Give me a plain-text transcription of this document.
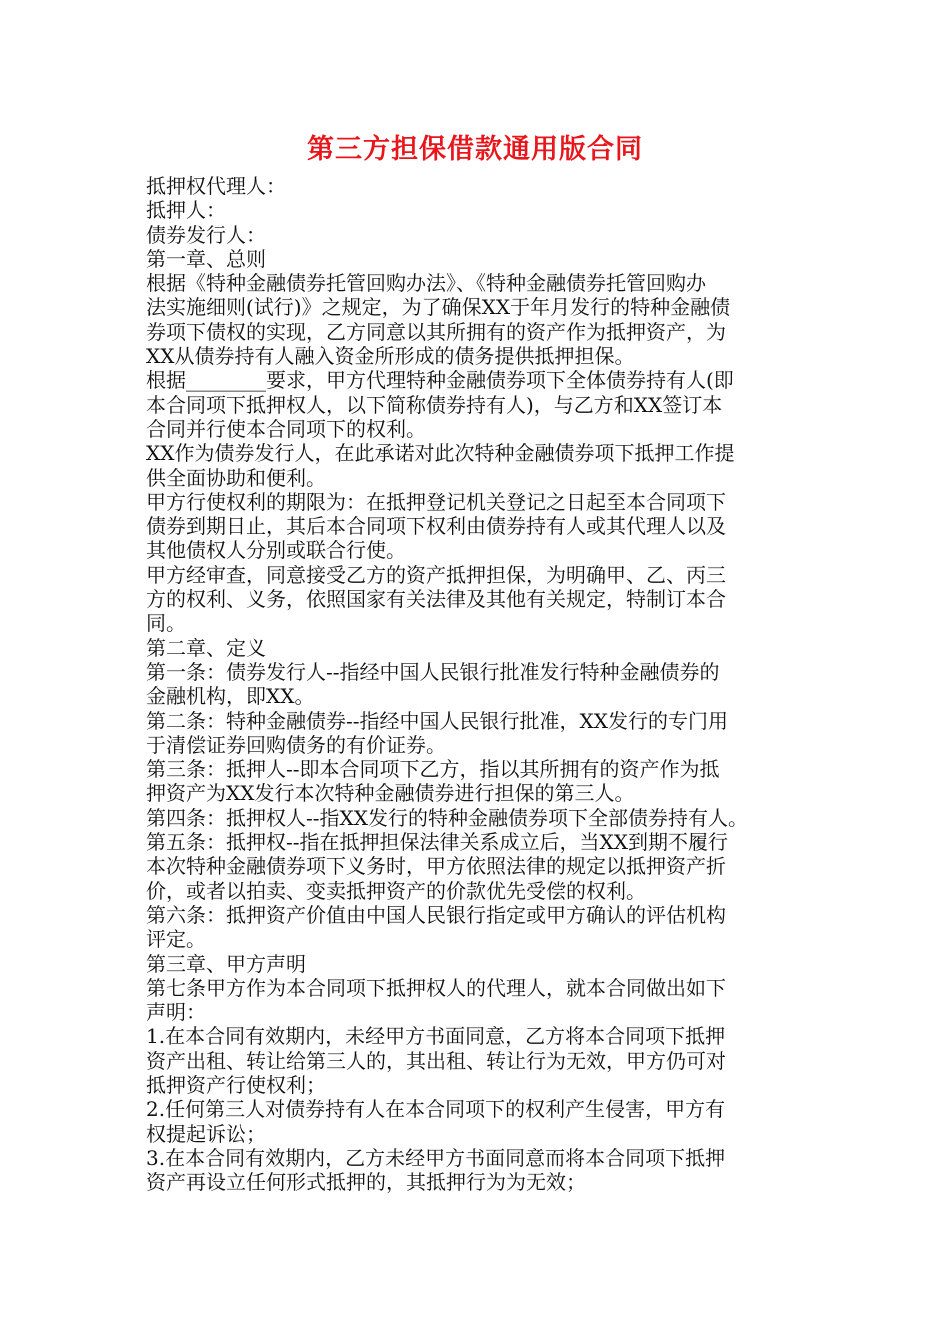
第三方担保借款通用版合同
抵押权代理人：
抵押人：
债券发行人：
第一章、总则
根据《特种金融债券托管回购办法》、《特种金融债券托管回购办
法实施细则(试行)》之规定，为了确保XX于年月发行的特种金融债
券项下债权的实现，乙方同意以其所拥有的资产作为抵押资产，为
XX从债券持有人融入资金所形成的债务提供抵押担保。
根据________要求，甲方代理特种金融债券项下全体债券持有人(即
本合同项下抵押权人，以下简称债券持有人)，与乙方和XX签订本
合同并行使本合同项下的权利。
XX作为债券发行人，在此承诺对此次特种金融债券项下抵押工作提
供全面协助和便利。
甲方行使权利的期限为：在抵押登记机关登记之日起至本合同项下
债券到期日止，其后本合同项下权利由债券持有人或其代理人以及
其他债权人分别或联合行使。
甲方经审查，同意接受乙方的资产抵押担保，为明确甲、乙、丙三
方的权利、义务，依照国家有关法律及其他有关规定，特制订本合
同。
第二章、定义
第一条：债券发行人--指经中国人民银行批准发行特种金融债券的
金融机构，即XX。
第二条：特种金融债券--指经中国人民银行批准，XX发行的专门用
于清偿证券回购债务的有价证券。
第三条：抵押人--即本合同项下乙方，指以其所拥有的资产作为抵
押资产为XX发行本次特种金融债券进行担保的第三人。
第四条：抵押权人--指XX发行的特种金融债券项下全部债券持有人。
第五条：抵押权--指在抵押担保法律关系成立后，当XX到期不履行
本次特种金融债券项下义务时，甲方依照法律的规定以抵押资产折
价，或者以拍卖、变卖抵押资产的价款优先受偿的权利。
第六条：抵押资产价值由中国人民银行指定或甲方确认的评估机构
评定。
第三章、甲方声明
第七条甲方作为本合同项下抵押权人的代理人，就本合同做出如下
声明：
1.在本合同有效期内，未经甲方书面同意，乙方将本合同项下抵押
资产出租、转让给第三人的，其出租、转让行为无效，甲方仍可对
抵押资产行使权利；
2.任何第三人对债券持有人在本合同项下的权利产生侵害，甲方有
权提起诉讼；
3.在本合同有效期内，乙方未经甲方书面同意而将本合同项下抵押
资产再设立任何形式抵押的，其抵押行为为无效；
